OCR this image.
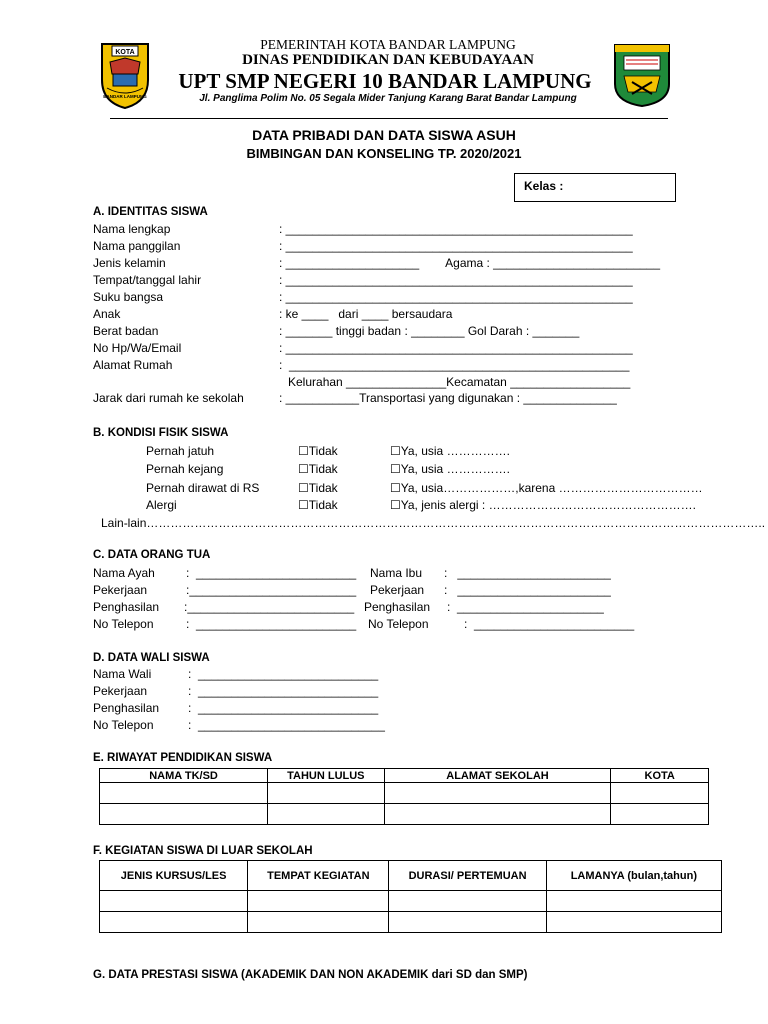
KOTA
BANDAR LAMPUNG
PEMERINTAH KOTA BANDAR LAMPUNG
DINAS PENDIDIKAN DAN KEBUDAYAAN
UPT SMP NEGERI 10 BANDAR LAMPUNG
Jl. Panglima Polim No. 05 Segala Mider Tanjung Karang Barat Bandar Lampung
DATA PRIBADI DAN DATA SISWA ASUH
BIMBINGAN DAN KONSELING TP. 2020/2021
Kelas :
A. IDENTITAS SISWA
Nama lengkap	: ____________________________________________________
Nama panggilan	: ____________________________________________________
Jenis kelamin	: ____________________        Agama : _________________________
Tempat/tanggal lahir	: ____________________________________________________
Suku bangsa	: ____________________________________________________
Anak	: ke ____   dari ____ bersaudara
Berat badan	: _______ tinggi badan : ________ Gol Darah : _______
No Hp/Wa/Email	: ____________________________________________________
Alamat Rumah	:  ___________________________________________________
Kelurahan _______________Kecamatan __________________
Jarak dari rumah ke sekolah	: ___________Transportasi yang digunakan : ______________
B. KONDISI FISIK SISWA
Pernah jatuh	☐Tidak	☐Ya, usia …………….
Pernah kejang	☐Tidak	☐Ya, usia …………….
Pernah dirawat di RS	☐Tidak	☐Ya, usia………………,karena ………………………………
Alergi	☐Tidak	☐Ya, jenis alergi : …………………………………………….
Lain-lain………………………………………………………………………………………………………………………………………..
C. DATA ORANG TUA
Nama Ayah	:  ________________________
Pekerjaan	:_________________________
Penghasilan :_________________________
No Telepon	:  ________________________
Nama Ibu :   _______________________
Pekerjaan :   _______________________
Penghasilan :  ______________________
No Telepon	:  ________________________
D. DATA WALI SISWA
Nama Wali	:  ___________________________
Pekerjaan	:  ___________________________
Penghasilan :  ___________________________
No Telepon	:  ____________________________
E. RIWAYAT PENDIDIKAN SISWA
NAMA TK/SD	TAHUN LULUS	ALAMAT SEKOLAH	KOTA

F. KEGIATAN SISWA DI LUAR SEKOLAH
JENIS KURSUS/LES	TEMPAT KEGIATAN	DURASI/ PERTEMUAN	LAMANYA (bulan,tahun)

G. DATA PRESTASI SISWA (AKADEMIK DAN NON AKADEMIK dari SD dan SMP)
